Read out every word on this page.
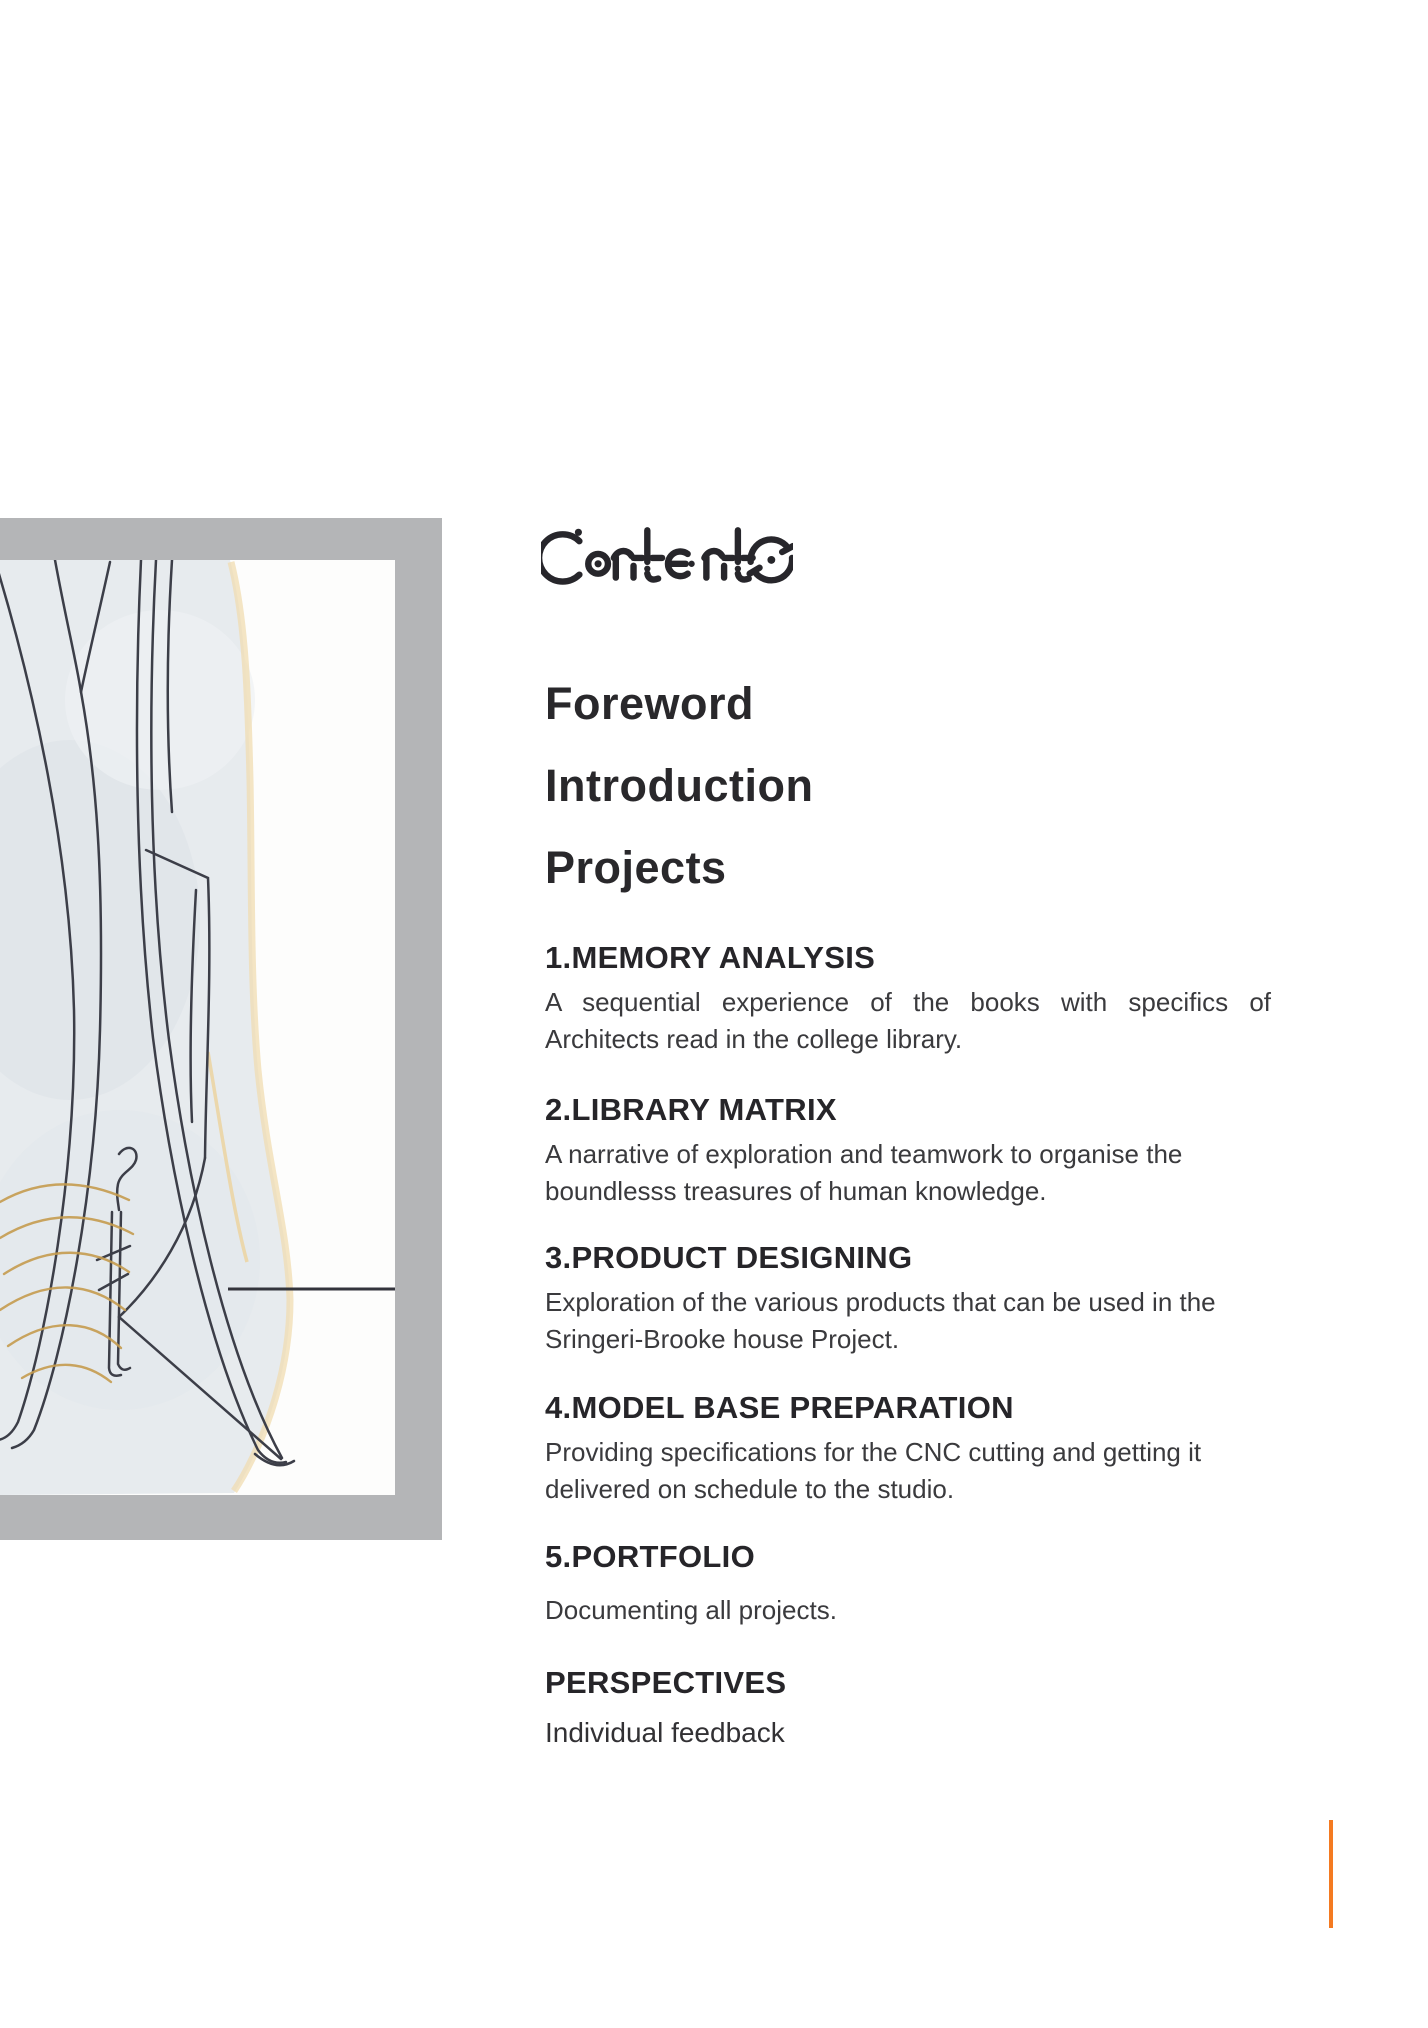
Foreword
Introduction
Projects
1.MEMORY ANALYSIS

A sequential experience of the books with specifics of

Architects read in the college library.

2.LIBRARY MATRIX

A narrative of exploration and teamwork to organise the

boundlesss treasures of human knowledge.

3.PRODUCT DESIGNING

Exploration of the various products that can be used in the

Sringeri-Brooke house Project.

4.MODEL BASE PREPARATION

Providing specifications for the CNC cutting and getting it

delivered on schedule to the studio.

5.PORTFOLIO

Documenting all projects.

PERSPECTIVES

Individual feedback
